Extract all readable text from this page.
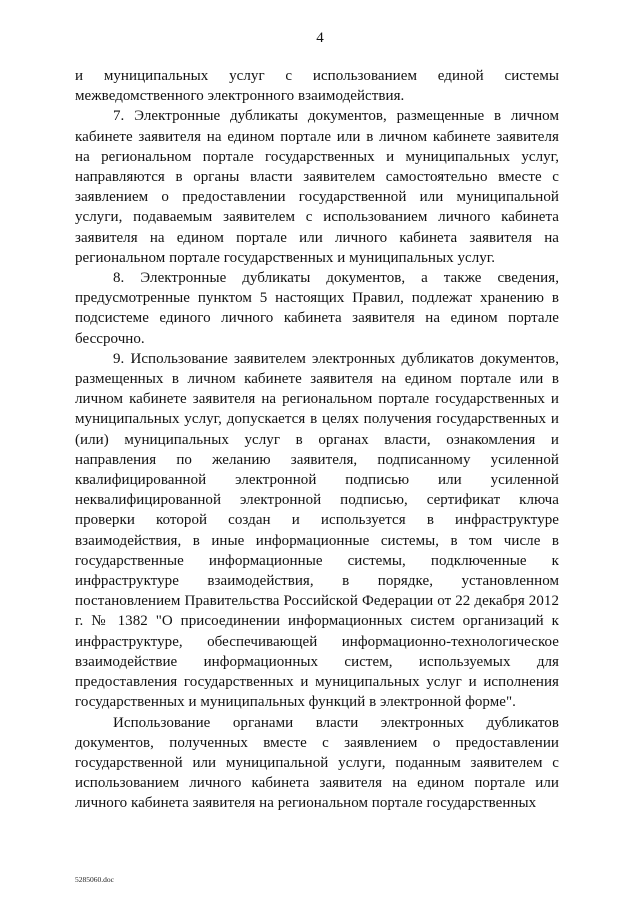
4

и муниципальных услуг с использованием единой системы межведомственного электронного взаимодействия.

7. Электронные дубликаты документов, размещенные в личном кабинете заявителя на едином портале или в личном кабинете заявителя на региональном портале государственных и муниципальных услуг, направляются в органы власти заявителем самостоятельно вместе с заявлением о предоставлении государственной или муниципальной услуги, подаваемым заявителем с использованием личного кабинета заявителя на едином портале или личного кабинета заявителя на региональном портале государственных и муниципальных услуг.

8. Электронные дубликаты документов, а также сведения, предусмотренные пунктом 5 настоящих Правил, подлежат хранению в подсистеме единого личного кабинета заявителя на едином портале бессрочно.

9. Использование заявителем электронных дубликатов документов, размещенных в личном кабинете заявителя на едином портале или в личном кабинете заявителя на региональном портале государственных и муниципальных услуг, допускается в целях получения государственных и (или) муниципальных услуг в органах власти, ознакомления и направления по желанию заявителя, подписанному усиленной квалифицированной электронной подписью или усиленной неквалифицированной электронной подписью, сертификат ключа проверки которой создан и используется в инфраструктуре взаимодействия, в иные информационные системы, в том числе в государственные информационные системы, подключенные к инфраструктуре взаимодействия, в порядке, установленном постановлением Правительства Российской Федерации от 22 декабря 2012 г. № 1382 "О присоединении информационных систем организаций к инфраструктуре, обеспечивающей информационно-технологическое взаимодействие информационных систем, используемых для предоставления государственных и муниципальных услуг и исполнения государственных и муниципальных функций в электронной форме".

Использование органами власти электронных дубликатов документов, полученных вместе с заявлением о предоставлении государственной или муниципальной услуги, поданным заявителем с использованием личного кабинета заявителя на едином портале или личного кабинета заявителя на региональном портале государственных

5285060.doc
